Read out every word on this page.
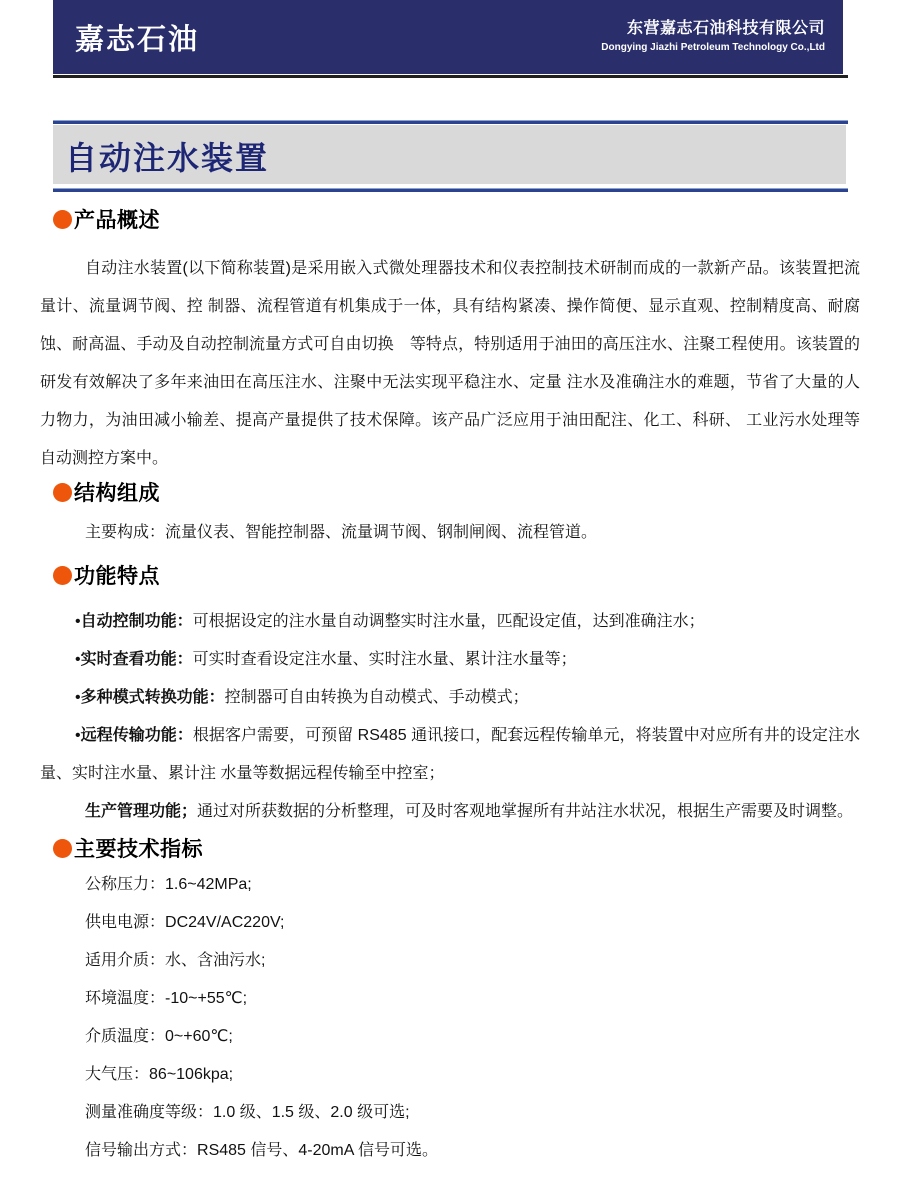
嘉志石油	东营嘉志石油科技有限公司
Dongying Jiazhi Petroleum Technology Co.,Ltd
自动注水装置
产品概述

自动注水装置(以下简称装置)是采用嵌入式微处理器技术和仪表控制技术研制而成的一款新产品。该装置把流量计、流量调节阀、控 制器、流程管道有机集成于一体，具有结构紧凑、操作简便、显示直观、控制精度高、耐腐蚀、耐高温、手动及自动控制流量方式可自由切换　等特点，特别适用于油田的高压注水、注聚工程使用。该装置的研发有效解决了多年来油田在高压注水、注聚中无法实现平稳注水、定量 注水及准确注水的难题，节省了大量的人力物力，为油田减小输差、提高产量提供了技术保障。该产品广泛应用于油田配注、化工、科研、 工业污水处理等自动测控方案中。

结构组成

主要构成：流量仪表、智能控制器、流量调节阀、钢制闸阀、流程管道。

功能特点

•自动控制功能：可根据设定的注水量自动调整实时注水量，匹配设定值，达到准确注水；

•实时查看功能：可实时查看设定注水量、实时注水量、累计注水量等；

•多种模式转换功能：控制器可自由转换为自动模式、手动模式；

•远程传输功能：根据客户需要，可预留 RS485 通讯接口，配套远程传输单元，将装置中对应所有井的设定注水量、实时注水量、累计注 水量等数据远程传输至中控室；

生产管理功能；通过对所获数据的分析整理，可及时客观地掌握所有井站注水状况，根据生产需要及时调整。

主要技术指标

公称压力：1.6~42MPa;

供电电源：DC24V/AC220V;

适用介质：水、含油污水;

环境温度：-10~+55℃;

介质温度：0~+60℃;

大气压：86~106kpa;

测量准确度等级：1.0 级、1.5 级、2.0 级可选;

信号输出方式：RS485 信号、4-20mA 信号可选。
